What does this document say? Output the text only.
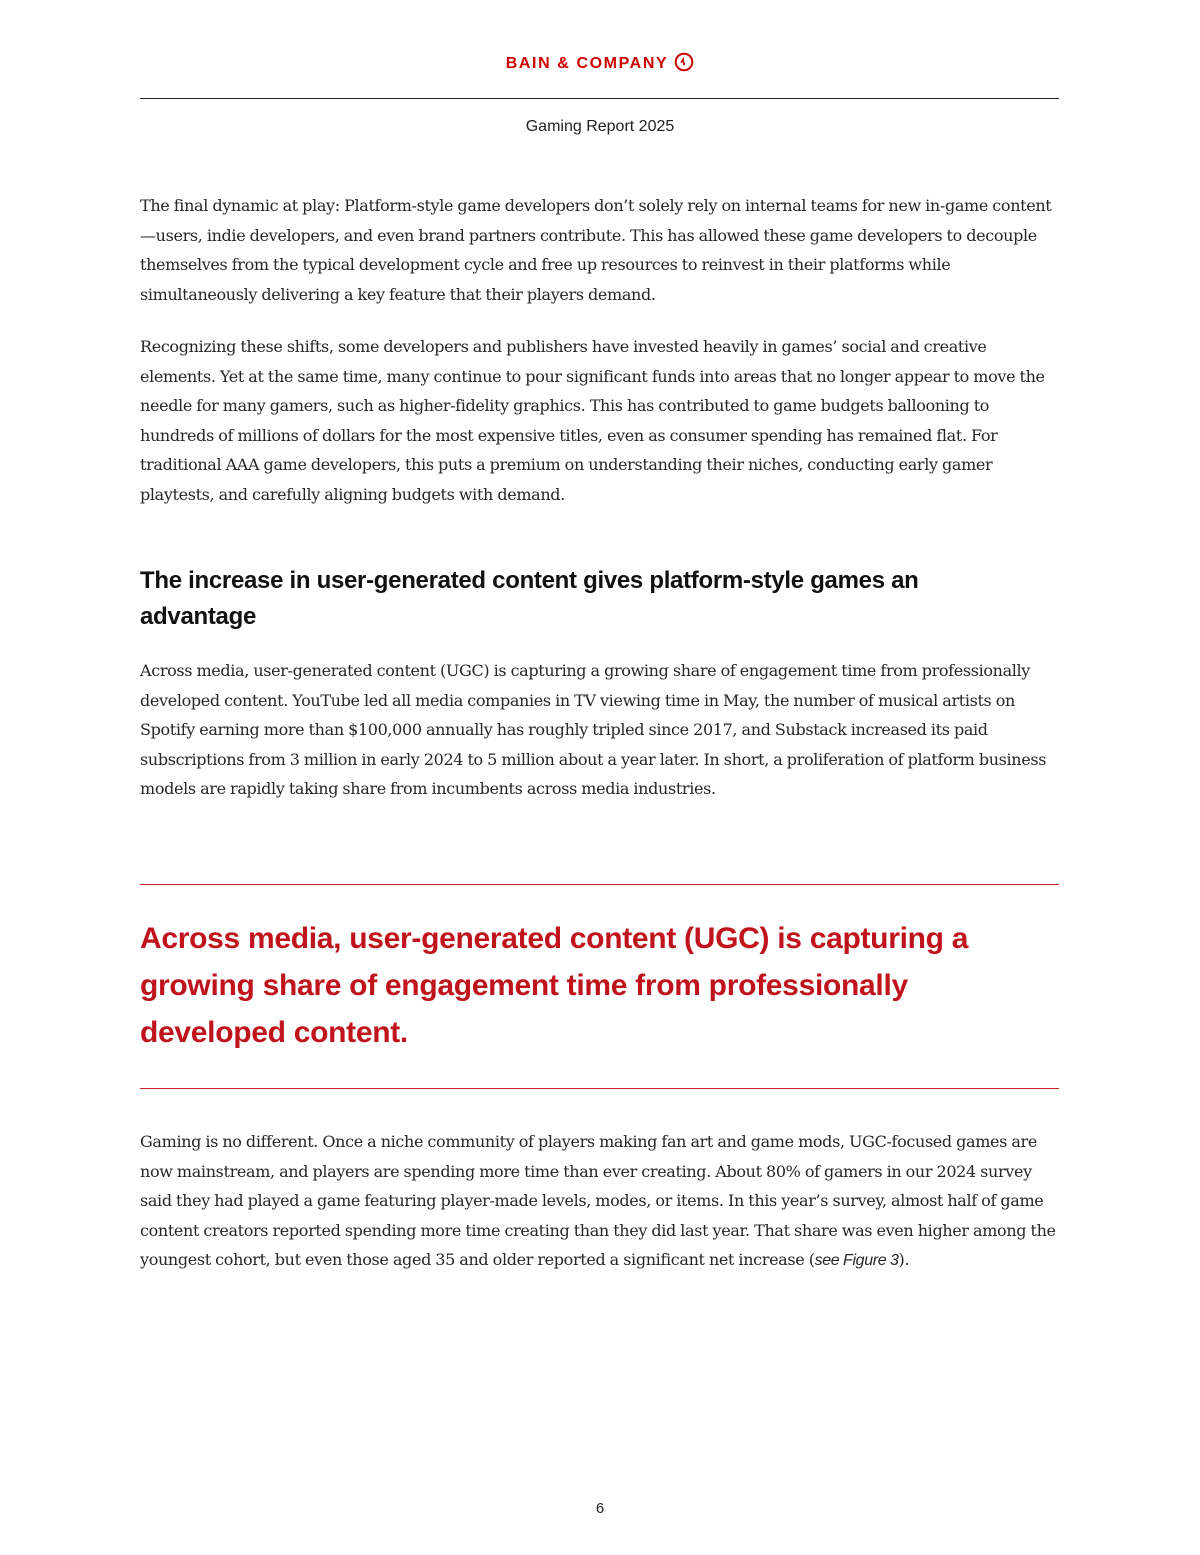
BAIN & COMPANY
Gaming Report 2025

The final dynamic at play: Platform-style game developers don’t solely rely on internal teams for new in-game content—users, indie developers, and even brand partners contribute. This has allowed these game developers to decouple themselves from the typical development cycle and free up resources to reinvest in their platforms while simultaneously delivering a key feature that their players demand.

Recognizing these shifts, some developers and publishers have invested heavily in games’ social and creative elements. Yet at the same time, many continue to pour significant funds into areas that no longer appear to move the needle for many gamers, such as higher-fidelity graphics. This has contributed to game budgets ballooning to hundreds of millions of dollars for the most expensive titles, even as consumer spending has remained flat. For traditional AAA game developers, this puts a premium on understanding their niches, conducting early gamer playtests, and carefully aligning budgets with demand.

The increase in user-generated content gives platform-style games an advantage

Across media, user-generated content (UGC) is capturing a growing share of engagement time from professionally developed content. YouTube led all media companies in TV viewing time in May, the number of musical artists on Spotify earning more than $100,000 annually has roughly tripled since 2017, and Substack increased its paid subscriptions from 3 million in early 2024 to 5 million about a year later. In short, a proliferation of platform business models are rapidly taking share from incumbents across media industries.

Across media, user-generated content (UGC) is capturing a growing share of engagement time from professionally developed content.

Gaming is no different. Once a niche community of players making fan art and game mods, UGC-focused games are now mainstream, and players are spending more time than ever creating. About 80% of gamers in our 2024 survey said they had played a game featuring player-made levels, modes, or items. In this year’s survey, almost half of game content creators reported spending more time creating than they did last year. That share was even higher among the youngest cohort, but even those aged 35 and older reported a significant net increase (see Figure 3).

6
